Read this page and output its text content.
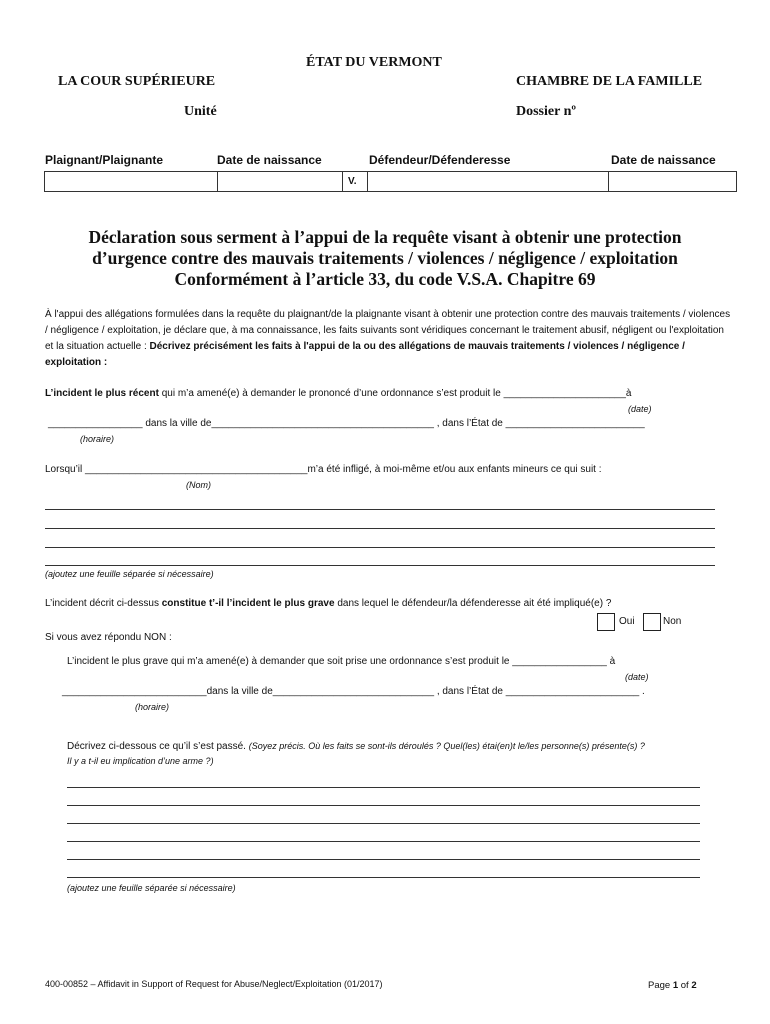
ÉTAT DU VERMONT
LA COUR SUPÉRIEURE	CHAMBRE DE LA FAMILLE
Unité	Dossier nº
Plaignant/Plaignante	Date de naissance	Défendeur/Défenderesse	Date de naissance
V.
Déclaration sous serment à l’appui de la requête visant à obtenir une protection
d’urgence contre des mauvais traitements / violences / négligence / exploitation
Conformément à l’article 33, du code V.S.A. Chapitre 69
À l'appui des allégations formulées dans la requête du plaignant/de la plaignante visant à obtenir une protection contre des mauvais traitements / violences / négligence / exploitation, je déclare que, à ma connaissance, les faits suivants sont véridiques concernant le traitement abusif, négligent ou l'exploitation et la situation actuelle : Décrivez précisément les faits à l'appui de la ou des allégations de mauvais traitements / violences / négligence / exploitation :
L’incident le plus récent qui m’a amené(e) à demander le prononcé d’une ordonnance s’est produit le ______________________à
(date)
_________________ dans la ville de________________________________________ , dans l’État de _________________________
(horaire)
Lorsqu’il ________________________________________m’a été infligé, à moi-même et/ou aux enfants mineurs ce qui suit :
(Nom)
(ajoutez une feuille séparée si nécessaire)
L’incident décrit ci-dessus constitue t’-il l’incident le plus grave dans lequel le défendeur/la défenderesse ait été impliqué(e) ?
Oui	Non
Si vous avez répondu NON :
L’incident le plus grave qui m’a amené(e) à demander que soit prise une ordonnance s’est produit le _________________ à
(date)
__________________________dans la ville de_____________________________ , dans l’État de ________________________ .
(horaire)
Décrivez ci-dessous ce qu’il s’est passé. (Soyez précis. Où les faits se sont-ils déroulés ? Quel(les) étai(en)t le/les personne(s) présente(s) ?
Il y a t-il eu implication d’une arme ?)
(ajoutez une feuille séparée si nécessaire)
400-00852 – Affidavit in Support of Request for Abuse/Neglect/Exploitation (01/2017)	Page 1 of 2
